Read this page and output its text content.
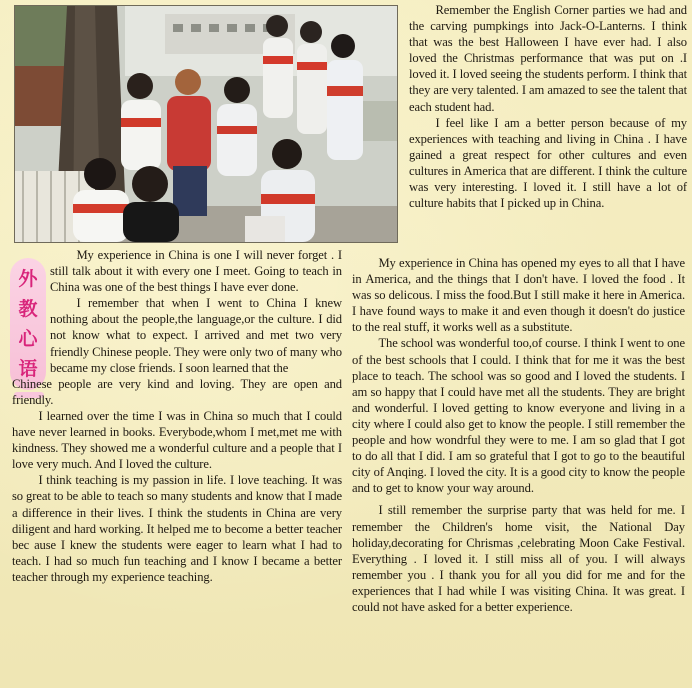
Remember the English Corner parties we had and the carving pumpkings into Jack-O-Lanterns. I think that was the best Halloween I have ever had. I also loved the Christmas performance that was put on .I loved it. I loved seeing the students perform. I think that they are very talented. I am amazed to see the talent that each student had.

I feel like I am a better person because of my experiences with teaching and living in China . I have gained a great respect for other cultures and even cultures in America that are different. I think the culture was very interesting. I loved it. I still have a lot of culture habits that I picked up in China.

外
教
心
语

My experience in China is one I will never forget . I still talk about it with every one I meet. Going to teach in China was one of the best things I have ever done.

I remember that when I went to China I knew nothing about the people,the language,or the culture. I did not know what to expect. I arrived and met two very friendly Chinese people. They were only two of many who became my close friends. I soon learned that the

Chinese people are very kind and loving. They are open and friendly.

I learned over the time I was in China so much that I could have never learned in books. Everybode,whom I met,met me with kindness. They showed me a wonderful culture and a people that I love very much. And I loved the culture.

I think teaching is my passion in life. I love teaching. It was so great to be able to teach so many students and know that I made a difference in their lives. I think the students in China are very diligent and hard working. It helped me to become a better teacher bec ause I knew the students were eager to learn what I had to teach. I had so much fun teaching and I know I became a better teacher through my experience teaching.

My experience in China has opened my eyes to all that I have in America, and the things that I don't have. I loved the food . It was so delicous. I miss the food.But I still make it here in America. I have found ways to make it and even though it doesn't do justice to the real stuff, it works well as a substitute.

The school was wonderful too,of course. I think I went to one of the best schools that I could. I think that for me it was the best place to teach. The school was so good and I loved the students. I am so happy that I could have met all the students. They are bright and wonderful. I loved getting to know everyone and living in a city where I could also get to know the people. I still remember the people and how wondrful they were to me. I am so glad that I got to do all that I did. I am so grateful that I got to go to the beautiful city of Anqing. I loved the city. It is a good city to know the people and to get to know your way around.

I still remember the surprise party that was held for me. I remember the Children's home visit, the National Day holiday,decorating for Chrismas ,celebrating Moon Cake Festival. Everything . I loved it. I still miss all of you. I will always remember you . I thank you for all you did for me and for the experiences that I had while I was visiting China. It was great. I could not have asked for a better experience.
